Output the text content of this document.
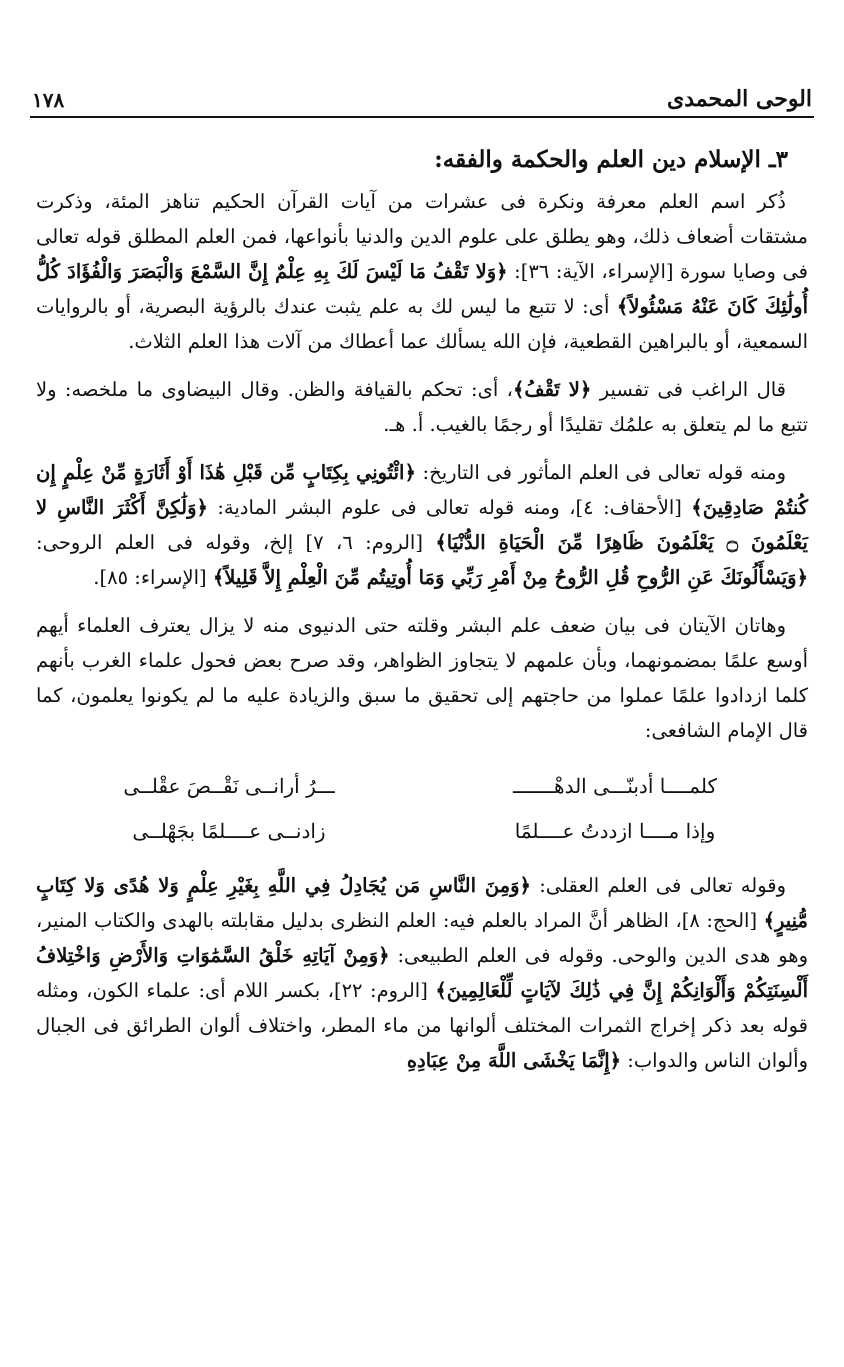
١٧٨	الوحى المحمدى
٣ـ الإسلام دين العلم والحكمة والفقه:

ذُكر اسم العلم معرفة ونكرة فى عشرات من آيات القرآن الحكيم تناهز المئة، وذكرت مشتقات أضعاف ذلك، وهو يطلق على علوم الدين والدنيا بأنواعها، فمن العلم المطلق قوله تعالى فى وصايا سورة [الإسراء، الآية: ٣٦]: ﴿وَلا تَقْفُ مَا لَيْسَ لَكَ بِهِ عِلْمٌ إِنَّ السَّمْعَ وَالْبَصَرَ وَالْفُؤَادَ كُلُّ أُولَٰئِكَ كَانَ عَنْهُ مَسْئُولاً﴾ أى: لا تتبع ما ليس لك به علم يثبت عندك بالرؤية البصرية، أو بالروايات السمعية، أو بالبراهين القطعية، فإن الله يسألك عما أعطاك من آلات هذا العلم الثلاث.

قال الراغب فى تفسير ﴿لا تَقْفُ﴾، أى: تحكم بالقيافة والظن. وقال البيضاوى ما ملخصه: ولا تتبع ما لم يتعلق به علمُك تقليدًا أو رجمًا بالغيب. أ. هـ.

ومنه قوله تعالى فى العلم المأثور فى التاريخ: ﴿ائْتُونِي بِكِتَابٍ مِّن قَبْلِ هَٰذَا أَوْ أَثَارَةٍ مِّنْ عِلْمٍ إِن كُنتُمْ صَادِقِينَ﴾ [الأحقاف: ٤]، ومنه قوله تعالى فى علوم البشر المادية: ﴿وَلَٰكِنَّ أَكْثَرَ النَّاسِ لا يَعْلَمُونَ ۝ يَعْلَمُونَ ظَاهِرًا مِّنَ الْحَيَاةِ الدُّنْيَا﴾ [الروم: ٦، ٧] إلخ، وقوله فى العلم الروحى: ﴿وَيَسْأَلُونَكَ عَنِ الرُّوحِ قُلِ الرُّوحُ مِنْ أَمْرِ رَبِّي وَمَا أُوتِيتُم مِّنَ الْعِلْمِ إِلاَّ قَلِيلاً﴾ [الإسراء: ٨٥].

وهاتان الآيتان فى بيان ضعف علم البشر وقلته حتى الدنيوى منه لا يزال يعترف العلماء أيهم أوسع علمًا بمضمونهما، وبأن علمهم لا يتجاوز الظواهر، وقد صرح بعض فحول علماء الغرب بأنهم كلما ازدادوا علمًا عملوا من حاجتهم إلى تحقيق ما سبق والزيادة عليه ما لم يكونوا يعلمون، كما قال الإمام الشافعى:

كلمــــا أدبنّـــى الدهْـــــــ
ـــرُ أرانــى نَقْــصَ عقْلــى
وإذا مــــا ازددتُ عــــلمًا
زادنــى عــــلمًا بجَهْلــى

وقوله تعالى فى العلم العقلى: ﴿وَمِنَ النَّاسِ مَن يُجَادِلُ فِي اللَّهِ بِغَيْرِ عِلْمٍ وَلا هُدًى وَلا كِتَابٍ مُّنِيرٍ﴾ [الحج: ٨]، الظاهر أنَّ المراد بالعلم فيه: العلم النظرى بدليل مقابلته بالهدى والكتاب المنير، وهو هدى الدين والوحى. وقوله فى العلم الطبيعى: ﴿وَمِنْ آيَاتِهِ خَلْقُ السَّمَٰوَاتِ وَالأَرْضِ وَاخْتِلافُ أَلْسِنَتِكُمْ وَأَلْوَانِكُمْ إِنَّ فِي ذَٰلِكَ لآيَاتٍ لِّلْعَالِمِينَ﴾ [الروم: ٢٢]، بكسر اللام أى: علماء الكون، ومثله قوله بعد ذكر إخراج الثمرات المختلف ألوانها من ماء المطر، واختلاف ألوان الطرائق فى الجبال وألوان الناس والدواب: ﴿إِنَّمَا يَخْشَى اللَّهَ مِنْ عِبَادِهِ
